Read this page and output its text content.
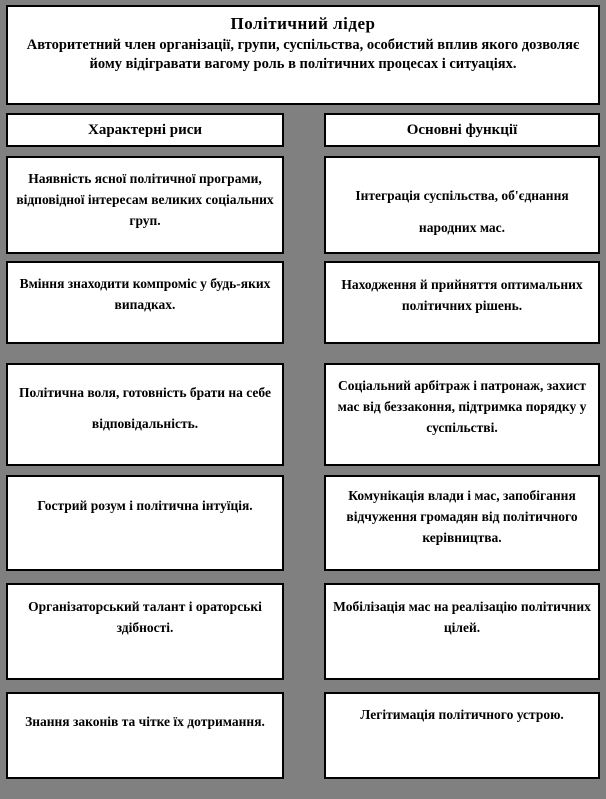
Політичний лідер
Авторитетний член організації, групи, суспільства, особистий вплив якого дозволяє йому відігравати вагому роль в політичних процесах і ситуаціях.
Характерні риси	Основні функції
Наявність ясної політичної програми, відповідної інтересам великих соціальних груп.
Вміння знаходити компроміс у будь-яких випадках.
Політична воля, готовність брати на себе відповідальність.
Гострий розум і політична інтуїція.
Організаторський талант і ораторські здібності.
Знання законів та чітке їх дотримання.
Інтеграція суспільства, об'єднання народних мас.
Находження й прийняття оптимальних політичних рішень.
Соціальний арбітраж і патронаж, захист мас від беззаконня, підтримка порядку у суспільстві.
Комунікація влади і мас, запобігання відчуження громадян від політичного керівництва.
Мобілізація мас на реалізацію політичних цілей.
Легітимація політичного устрою.
